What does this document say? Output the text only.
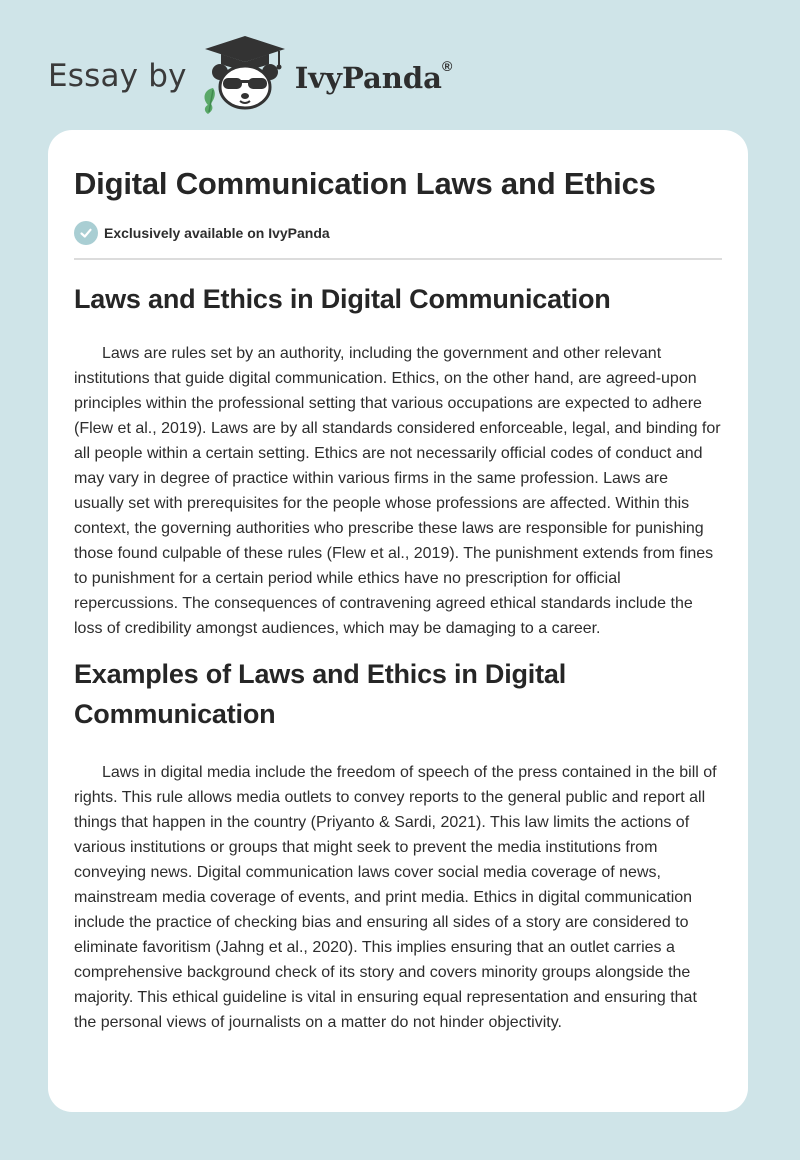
Essay by	IvyPanda®
Digital Communication Laws and Ethics
Exclusively available on IvyPanda
Laws and Ethics in Digital Communication

Laws are rules set by an authority, including the government and other relevant institutions that guide digital communication. Ethics, on the other hand, are agreed-upon principles within the professional setting that various occupations are expected to adhere (Flew et al., 2019). Laws are by all standards considered enforceable, legal, and binding for all people within a certain setting. Ethics are not necessarily official codes of conduct and may vary in degree of practice within various firms in the same profession. Laws are usually set with prerequisites for the people whose professions are affected. Within this context, the governing authorities who prescribe these laws are responsible for punishing those found culpable of these rules (Flew et al., 2019). The punishment extends from fines to punishment for a certain period while ethics have no prescription for official repercussions. The consequences of contravening agreed ethical standards include the loss of credibility amongst audiences, which may be damaging to a career.

Examples of Laws and Ethics in Digital Communication

Laws in digital media include the freedom of speech of the press contained in the bill of rights. This rule allows media outlets to convey reports to the general public and report all things that happen in the country (Priyanto & Sardi, 2021). This law limits the actions of various institutions or groups that might seek to prevent the media institutions from conveying news. Digital communication laws cover social media coverage of news, mainstream media coverage of events, and print media. Ethics in digital communication include the practice of checking bias and ensuring all sides of a story are considered to eliminate favoritism (Jahng et al., 2020). This implies ensuring that an outlet carries a comprehensive background check of its story and covers minority groups alongside the majority. This ethical guideline is vital in ensuring equal representation and ensuring that the personal views of journalists on a matter do not hinder objectivity.
